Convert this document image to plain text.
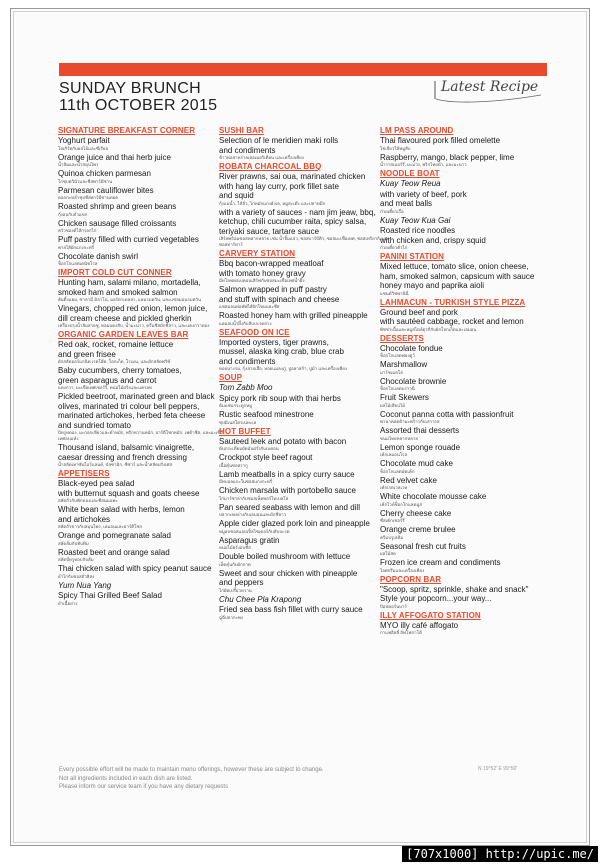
SUNDAY BRUNCH
11th OCTOBER 2015
Latest Recipe
SIGNATURE BREAKFAST CORNER
Yoghurt parfait
โยเกิร์ตกับผลไม้และซีเรียล
Orange juice and thai herb juice
น้ำส้มและน้ำสมุนไพร
Quinoa chicken parmesan
ไก่ชุบควินัวและชีสพาร์มีซาน
Parmesan cauliflower bites
ดอกกะหล่ำชุบชีสพาร์มีซานทอด
Roasted shrimp and green beans
กุ้งอบกับถั่วแขก
Chicken sausage filled croissants
ครัวซองต์ไส้กรอกไก่
Puff pastry filled with curried vegetables
พายไส้ผักแกงกะหรี่
Chocolate danish swirl
ช็อกโกแลตเดนิชโรล
IMPORT COLD CUT CONNER
Hunting ham, salami milano, mortadella,
smoked ham and smoked salmon
ฮันติ้งแฮม, ซาลามี่ มิลาโน่, มอร์ตาเดลล่า, แฮมรมควัน, และแซลมอนรมควัน
Vinegars, chopped red onion, lemon juice,
dill cream cheese and pickled gherkin
เครื่องปรุงน้ำส้มสายชู, หอมแดงสับ, น้ำมะนาว, ครีมชีสผักชีลาว, และแตงกวาดอง
ORGANIC GARDEN LEAVES BAR
Red oak, rocket, romaine lettuce
and green frisee
ผักสลัดออร์แกนิค เรดโอ๊ค, ร็อกเก็ต, โรเมน, และผักสลัดฟริซ์
Baby cucumbers, cherry tomatoes,
green asparagus and carrot
แตงกวา, มะเขือเทศเชอร์รี่, หน่อไม้ฝรั่งและแครอท
Pickled beetroot, marinated green and black
olives, marinated tri colour bell peppers,
marinated artichokes, herbed feta cheese
and sundried tomato
บีทรูทดอง, มะกอกเขียวและดำหมัก, พริกหวานหมัก, อาร์ติโชกหมัก, เฟต้าชีส, และมะเขือเทศอบแห้ง
Thousand island, balsamic vinaigrette,
caesar dressing and french dressing
น้ำสลัดเทาซันไอร์แลนด์, บัลซามิก, ซีซาร์ และน้ำสลัดฝรั่งเศส
APPETISERS
Black-eyed pea salad
with butternut squash and goats cheese
สลัดถั่วกับฟักทองและชีสนมแพะ
White bean salad with herbs, lemon
and artichokes
สลัดถั่วขาวกับสมุนไพร, เลมอนและอาร์ติโชก
Orange and pomegranate salad
สลัดส้มกับทับทิม
Roasted beet and orange salad
สลัดบีทรูทอบกับส้ม
Thai chicken salad with spicy peanut sauce
ยำไก่กับซอสถั่วลิสง
Yum Nua Yang
Spicy Thai Grilled Beef Salad
ยำเนื้อย่าง
SUSHI BAR
Selection of le meridien maki rolls
and condiments
ข้าวห่อสาหร่ายเลอเมอริเดียน และเครื่องเคียง
ROBATA CHARCOAL BBQ
River prawns, sai oua, marinated chicken
with hang lay curry, pork fillet sate
and squid
กุ้งแม่น้ำ, ไส้อั่ว, ไก่หมักแกงฮังเล, หมูสะเต๊ะ และปลาหมึก
with a variety of sauces - nam jim jeaw, bbq,
ketchup, chili cucumber raita, spicy salsa,
teriyaki sauce, tartare sauce
เสิร์ฟพร้อมซอสหลากหลาย เช่น น้ำจิ้มแจ่ว, ซอสบาร์บีคิว, ซอสมะเขือเทศ, ซอสเทริยากิ และซอสทาร์ทาร์
CARVERY STATION
Bbq bacon-wrapped meatloaf
with tomato honey gravy
มีทโลฟห่อเบคอนเสิร์ฟกับซอสมะเขือเทศน้ำผึ้ง
Salmon wrapped in puff pastry
and stuff with spinach and cheese
แซลมอนห่อพัฟไส้ผักโขมและชีส
Roasted honey ham with grilled pineapple
แฮมอบน้ำผึ้งกับสับปะรดย่าง
SEAFOOD ON ICE
Imported oysters, tiger prawns,
mussel, alaska king crab, blue crab
and condiments
หอยนางรม, กุ้งลายเสือ, หอยแมลงภู่, ปูอลาสก้า, ปูม้า และเครื่องเคียง
SOUP
Tom Zabb Moo
Spicy pork rib soup with thai herbs
ต้มแซ่บกระดูกหมู
Rustic seafood minestrone
ซุปมิเนสโตรเน่ทะเล
HOT BUFFET
Sauteed leek and potato with bacon
ต้นกระเทียมผัดมันฝรั่งกับเบคอน
Crockpot style beef ragout
เนื้อตุ๋นซอสรากู
Lamb meatballs in a spicy curry sauce
มีทบอลแกะในซอสแกงกะหรี่
Chicken marsala with portobello sauce
ไก่มาร์ซาล่ากับซอสเห็ดพอร์โทเบลโล่
Pan seared seabass with lemon and dill
ปลากะพงย่างกับเลมอนและผักชีลาว
Apple cider glazed pork loin and pineapple
หมูอบซอสแอปเปิ้ลไซเดอร์กับสับปะรด
Asparagus gratin
หน่อไม้ฝรั่งอบชีส
Double boiled mushroom with lettuce
เห็ดตุ๋นกับผักกาด
Sweet and sour chicken with pineapple
and peppers
ไก่ผัดเปรี้ยวหวาน
Chu Chee Pla Krapong
Fried sea bass fish fillet with curry sauce
ฉู่ฉี่ปลากะพง
LM PASS AROUND
Thai flavoured pork filled omelette
ไข่เจียวไส้หมูสับ
Raspberry, mango, black pepper, lime
น้ำราสเบอร์รี่, มะม่วง, พริกไทยดำ, และมะนาว
NOODLE BOAT
Kuay Teow Reua
with variety of beef, pork
and meat balls
ก๋วยเตี๋ยวเรือ
Kuay Teow Kua Gai
Roasted rice noodles
with chicken and, crispy squid
ก๋วยเตี๋ยวคั่วไก่
PANINI STATION
Mixed lettuce, tomato slice, onion cheese,
ham, smoked salmon, capsicum with sauce
honey mayo and paprika aioli
แซนด์วิชพานินี่
LAHMACUN - TURKISH STYLE PIZZA
Ground beef and pork
with sautéed cabbage, rocket and lemon
พิซซ่าเนื้อและหมูสไตล์ตุรกีกับผักร็อกเก็ตและเลมอน
DESSERTS
Chocolate fondue
ช็อกโกแลตฟองดูว์
Marshmallow
มาร์ชเมลโล่
Chocolate brownie
ช็อกโกแลตบราวนี่
Fruit Skewers
ผลไม้เสียบไม้
Coconut panna cotta with passionfruit
พานาคอตต้ามะพร้าวกับเสาวรส
Assorted thai desserts
ขนมไทยหลากหลาย
Lemon sponge rouade
เค้กเลมอนโรล
Chocolate mud cake
ช็อกโกแลตมัดเค้ก
Red velvet cake
เค้กเรดเวลเวท
White chocolate mousse cake
เค้กไวท์ช็อกโกแลตมูส
Cherry cheese cake
ชีสเค้กเชอร์รี่
Orange creme brulee
ครีมบรูเล่ส้ม
Seasonal fresh cut fruits
ผลไม้สด
Frozen ice cream and condiments
ไอศกรีมและเครื่องเคียง
POPCORN BAR
"Scoop, spritz, sprinkle, shake and snack"
Style your popcorn...your way...
ป๊อปคอร์นบาร์
ILLY AFFOGATO STATION
MYO illy café affogato
กาแฟอิลลี่ อัฟโฟกาโต้
Every possible effort will be made to maintain menu offerings, however these are subject to change.
Not all ingredients included in each dish are listed.
Please inform our service team if you have any dietary requests
N 19°52' E 99°50'
[707x1000] http://upic.me/
